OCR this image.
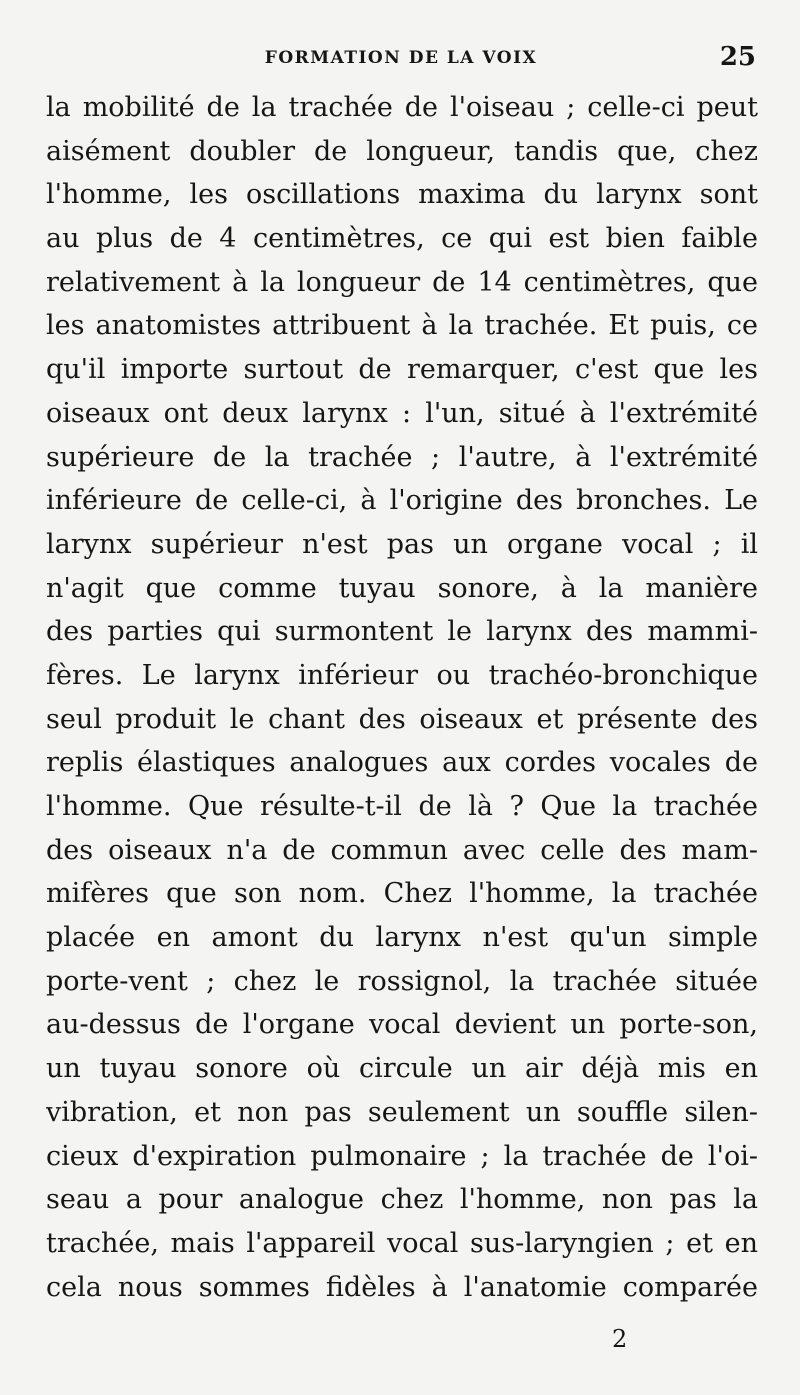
FORMATION DE LA VOIX	25
la mobilité de la trachée de l'oiseau ; celle-ci peut
aisément doubler de longueur, tandis que, chez
l'homme, les oscillations maxima du larynx sont
au plus de 4 centimètres, ce qui est bien faible
relativement à la longueur de 14 centimètres, que
les anatomistes attribuent à la trachée. Et puis, ce
qu'il importe surtout de remarquer, c'est que les
oiseaux ont deux larynx : l'un, situé à l'extrémité
supérieure de la trachée ; l'autre, à l'extrémité
inférieure de celle-ci, à l'origine des bronches. Le
larynx supérieur n'est pas un organe vocal ; il
n'agit que comme tuyau sonore, à la manière
des parties qui surmontent le larynx des mammi-
fères. Le larynx inférieur ou trachéo-bronchique
seul produit le chant des oiseaux et présente des
replis élastiques analogues aux cordes vocales de
l'homme. Que résulte-t-il de là ? Que la trachée
des oiseaux n'a de commun avec celle des mam-
mifères que son nom. Chez l'homme, la trachée
placée en amont du larynx n'est qu'un simple
porte-vent ; chez le rossignol, la trachée située
au-dessus de l'organe vocal devient un porte-son,
un tuyau sonore où circule un air déjà mis en
vibration, et non pas seulement un souffle silen-
cieux d'expiration pulmonaire ; la trachée de l'oi-
seau a pour analogue chez l'homme, non pas la
trachée, mais l'appareil vocal sus-laryngien ; et en
cela nous sommes fidèles à l'anatomie comparée
2
